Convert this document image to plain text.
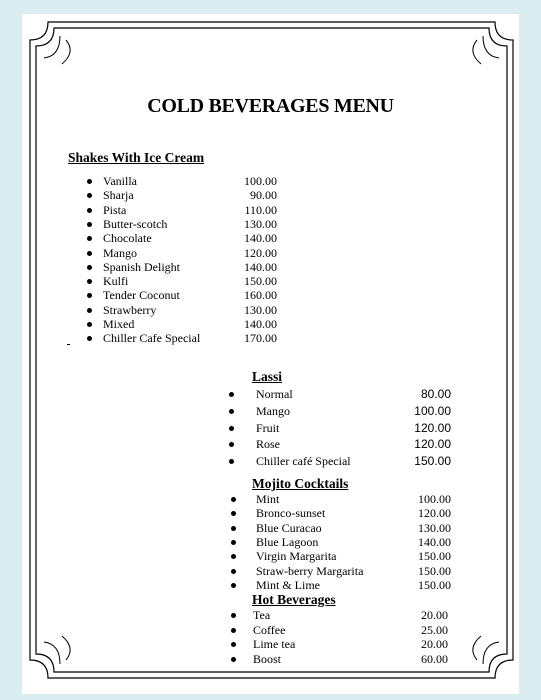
COLD BEVERAGES MENU
Shakes With Ice Cream
Vanilla	100.00
Sharja	90.00
Pista	110.00
Butter-scotch	130.00
Chocolate	140.00
Mango	120.00
Spanish Delight	140.00
Kulfi	150.00
Tender Coconut	160.00
Strawberry	130.00
Mixed	140.00
Chiller Cafe Special	170.00
Lassi
Normal	80.00
Mango	100.00
Fruit	120.00
Rose	120.00
Chiller café Special	150.00
Mojito Cocktails
Mint	100.00
Bronco-sunset	120.00
Blue Curacao	130.00
Blue Lagoon	140.00
Virgin Margarita	150.00
Straw-berry Margarita	150.00
Mint & Lime	150.00
Hot Beverages
Tea	20.00
Coffee	25.00
Lime tea	20.00
Boost	60.00
